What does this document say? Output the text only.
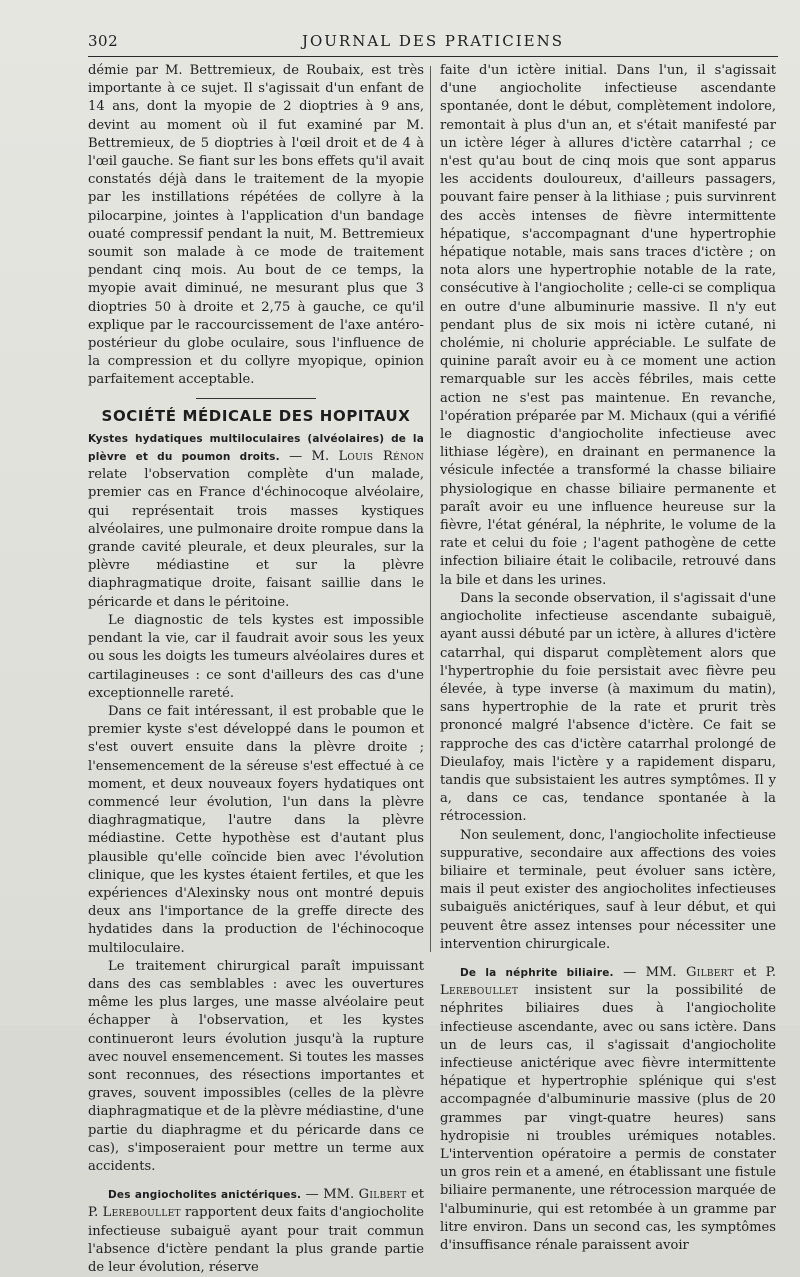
302	JOURNAL DES PRATICIENS

démie par M. Bettremieux, de Roubaix, est très importante à ce sujet. Il s'agissait d'un enfant de 14 ans, dont la myopie de 2 dioptries à 9 ans, devint au moment où il fut examiné par M. Bettremieux, de 5 dioptries à l'œil droit et de 4 à l'œil gauche. Se fiant sur les bons effets qu'il avait constatés déjà dans le traitement de la myopie par les instillations répétées de collyre à la pilocarpine, jointes à l'application d'un bandage ouaté compressif pendant la nuit, M. Bettremieux soumit son malade à ce mode de traitement pendant cinq mois. Au bout de ce temps, la myopie avait diminué, ne mesurant plus que 3 dioptries 50 à droite et 2,75 à gauche, ce qu'il explique par le raccourcissement de l'axe antéro-postérieur du globe oculaire, sous l'influence de la compression et du collyre myopique, opinion parfaitement acceptable.

SOCIÉTÉ MÉDICALE DES HOPITAUX

Kystes hydatiques multiloculaires (alvéolaires) de la plèvre et du poumon droits. — M. Louis Rénon relate l'observation complète d'un malade, premier cas en France d'échinocoque alvéolaire, qui représentait trois masses kystiques alvéolaires, une pulmonaire droite rompue dans la grande cavité pleurale, et deux pleurales, sur la plèvre médiastine et sur la plèvre diaphragmatique droite, faisant saillie dans le péricarde et dans le péritoine.

Le diagnostic de tels kystes est impossible pendant la vie, car il faudrait avoir sous les yeux ou sous les doigts les tumeurs alvéolaires dures et cartilagineuses : ce sont d'ailleurs des cas d'une exceptionnelle rareté.

Dans ce fait intéressant, il est probable que le premier kyste s'est développé dans le poumon et s'est ouvert ensuite dans la plèvre droite ; l'ensemencement de la séreuse s'est effectué à ce moment, et deux nouveaux foyers hydatiques ont commencé leur évolution, l'un dans la plèvre diaghragmatique, l'autre dans la plèvre médiastine. Cette hypothèse est d'autant plus plausible qu'elle coïncide bien avec l'évolution clinique, que les kystes étaient fertiles, et que les expériences d'Alexinsky nous ont montré depuis deux ans l'importance de la greffe directe des hydatides dans la production de l'échinocoque multiloculaire.

Le traitement chirurgical paraît impuissant dans des cas semblables : avec les ouvertures même les plus larges, une masse alvéolaire peut échapper à l'observation, et les kystes continueront leurs évolution jusqu'à la rupture avec nouvel ensemencement. Si toutes les masses sont reconnues, des résections importantes et graves, souvent impossibles (celles de la plèvre diaphragmatique et de la plèvre médiastine, d'une partie du diaphragme et du péricarde dans ce cas), s'imposeraient pour mettre un terme aux accidents.

Des angiocholites anictériques. — MM. Gilbert et P. Lereboullet rapportent deux faits d'angiocholite infectieuse subaiguë ayant pour trait commun l'absence d'ictère pendant la plus grande partie de leur évolution, réserve

faite d'un ictère initial. Dans l'un, il s'agissait d'une angiocholite infectieuse ascendante spontanée, dont le début, complètement indolore, remontait à plus d'un an, et s'était manifesté par un ictère léger à allures d'ictère catarrhal ; ce n'est qu'au bout de cinq mois que sont apparus les accidents douloureux, d'ailleurs passagers, pouvant faire penser à la lithiase ; puis survinrent des accès intenses de fièvre intermittente hépatique, s'accompagnant d'une hypertrophie hépatique notable, mais sans traces d'ictère ; on nota alors une hypertrophie notable de la rate, consécutive à l'angiocholite ; celle-ci se compliqua en outre d'une albuminurie massive. Il n'y eut pendant plus de six mois ni ictère cutané, ni cholémie, ni cholurie appréciable. Le sulfate de quinine paraît avoir eu à ce moment une action remarquable sur les accès fébriles, mais cette action ne s'est pas maintenue. En revanche, l'opération préparée par M. Michaux (qui a vérifié le diagnostic d'angiocholite infectieuse avec lithiase légère), en drainant en permanence la vésicule infectée a transformé la chasse biliaire physiologique en chasse biliaire permanente et paraît avoir eu une influence heureuse sur la fièvre, l'état général, la néphrite, le volume de la rate et celui du foie ; l'agent pathogène de cette infection biliaire était le colibacile, retrouvé dans la bile et dans les urines.

Dans la seconde observation, il s'agissait d'une angiocholite infectieuse ascendante subaiguë, ayant aussi débuté par un ictère, à allures d'ictère catarrhal, qui disparut complètement alors que l'hypertrophie du foie persistait avec fièvre peu élevée, à type inverse (à maximum du matin), sans hypertrophie de la rate et prurit très prononcé malgré l'absence d'ictère. Ce fait se rapproche des cas d'ictère catarrhal prolongé de Dieulafoy, mais l'ictère y a rapidement disparu, tandis que subsistaient les autres symptômes. Il y a, dans ce cas, tendance spontanée à la rétrocession.

Non seulement, donc, l'angiocholite infectieuse suppurative, secondaire aux affections des voies biliaire et terminale, peut évoluer sans ictère, mais il peut exister des angiocholites infectieuses subaiguës anictériques, sauf à leur début, et qui peuvent être assez intenses pour nécessiter une intervention chirurgicale.

De la néphrite biliaire. — MM. Gilbert et P. Lereboullet insistent sur la possibilité de néphrites biliaires dues à l'angiocholite infectieuse ascendante, avec ou sans ictère. Dans un de leurs cas, il s'agissait d'angiocholite infectieuse anictérique avec fièvre intermittente hépatique et hypertrophie splénique qui s'est accompagnée d'albuminurie massive (plus de 20 grammes par vingt-quatre heures) sans hydropisie ni troubles urémiques notables. L'intervention opératoire a permis de constater un gros rein et a amené, en établissant une fistule biliaire permanente, une rétrocession marquée de l'albuminurie, qui est retombée à un gramme par litre environ. Dans un second cas, les symptômes d'insuffisance rénale paraissent avoir
